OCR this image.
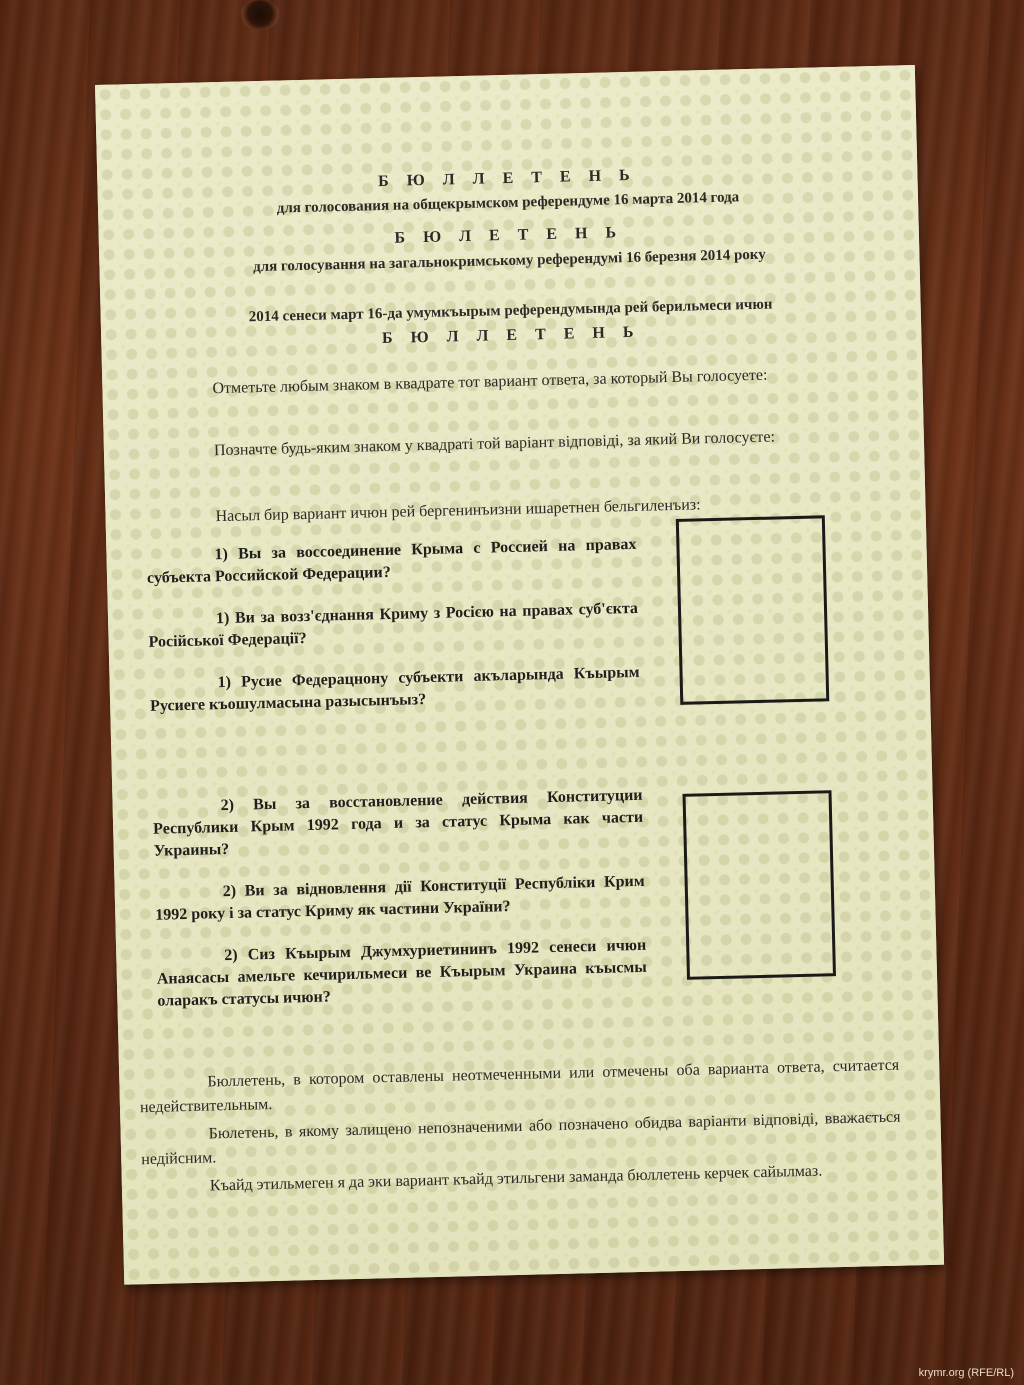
Б Ю Л Л Е Т Е Н Ь
для голосования на общекрымском референдуме 16 марта 2014 года
Б Ю Л Е Т Е Н Ь
для голосування на загальнокримському референдумі 16 березня 2014 року
2014 сенеси март 16-да умумкъырым референдумында рей берильмеси ичюн
Б Ю Л Л Е Т Е Н Ь
Отметьте любым знаком в квадрате тот вариант ответа, за который Вы голосуете:
Позначте будь-яким знаком у квадраті той варіант відповіді, за який Ви голосуєте:
Насыл бир вариант ичюн рей бергенинъизни ишаретнен бельгиленъиз:
1) Вы за воссоединение Крыма с Россией на правах субъекта Российской Федерации?
1) Ви за возз'єднання Криму з Росією на правах суб'єкта Російської Федерації?
1) Русие Федерацнону субъекти акъларында Къырым Русиеге къошулмасына разысынъыз?
2) Вы за восстановление действия Конституции Республики Крым 1992 года и за статус Крыма как части Украины?
2) Ви за відновлення дії Конституції Республіки Крим 1992 року і за статус Криму як частини України?
2) Сиз Къырым Джумхуриетининъ 1992 сенеси ичюн Анаясасы амельге кечирильмеси ве Къырым Украина къысмы оларакъ статусы ичюн?
Бюллетень, в котором оставлены неотмеченными или отмечены оба варианта ответа, считается недействительным.
Бюлетень, в якому залищено непозначеними або позначено обидва варіанти відповіді, вважається недійсним.
Къайд этильмеген я да эки вариант къайд этильгени заманда бюллетень керчек сайылмаз.
krymr.org (RFE/RL)
